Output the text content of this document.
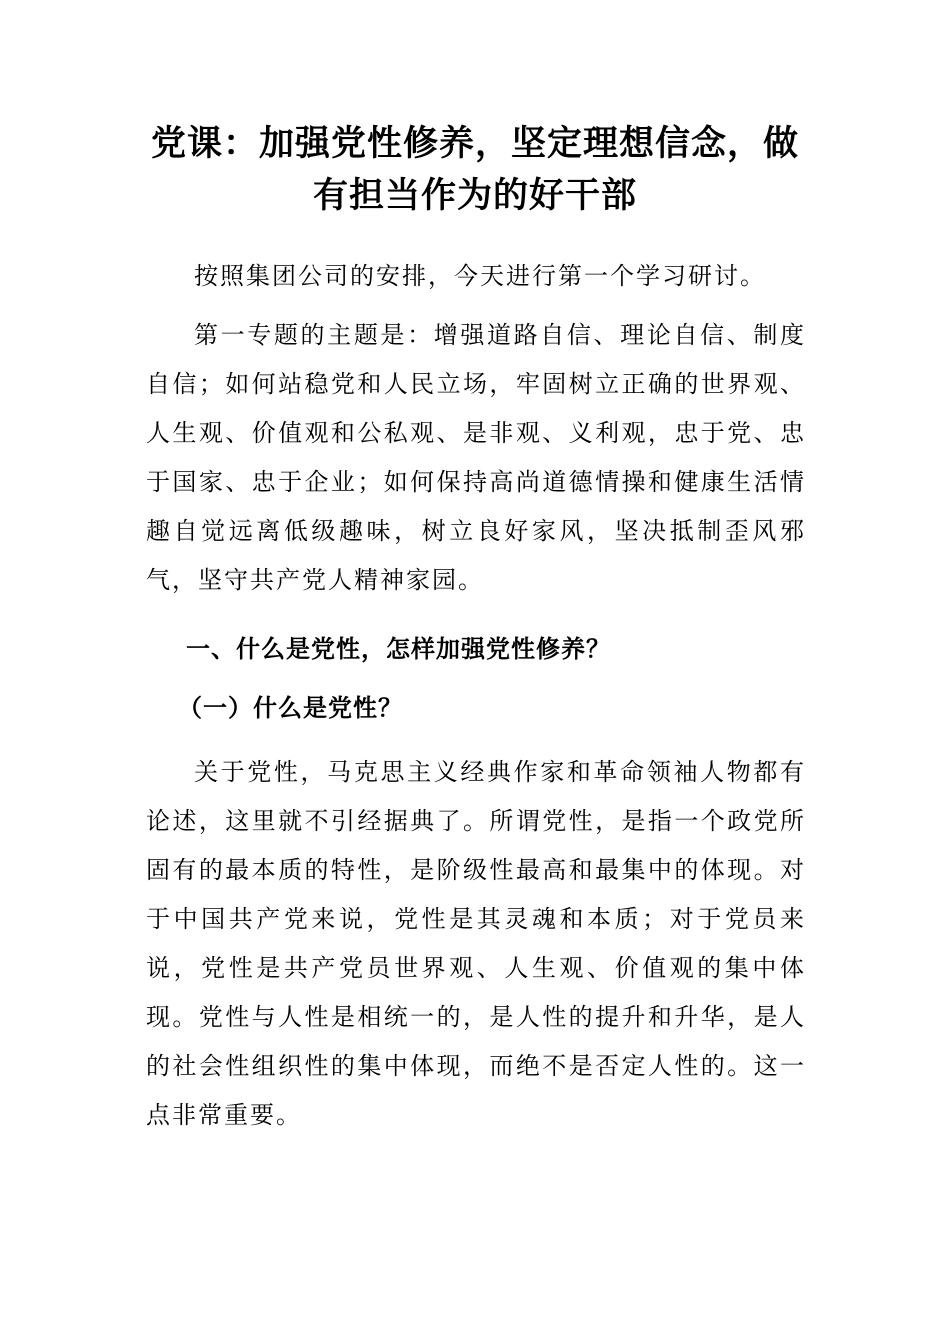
党课：加强党性修养，坚定理想信念，做
有担当作为的好干部

按照集团公司的安排，今天进行第一个学习研讨。

第一专题的主题是：增强道路自信、理论自信、制度自信；如何站稳党和人民立场，牢固树立正确的世界观、人生观、价值观和公私观、是非观、义利观，忠于党、忠于国家、忠于企业；如何保持高尚道德情操和健康生活情趣自觉远离低级趣味，树立良好家风，坚决抵制歪风邪气，坚守共产党人精神家园。

一、什么是党性，怎样加强党性修养？
（一）什么是党性？

关于党性，马克思主义经典作家和革命领袖人物都有论述，这里就不引经据典了。所谓党性，是指一个政党所固有的最本质的特性，是阶级性最高和最集中的体现。对于中国共产党来说，党性是其灵魂和本质；对于党员来说，党性是共产党员世界观、人生观、价值观的集中体现。党性与人性是相统一的，是人性的提升和升华，是人的社会性组织性的集中体现，而绝不是否定人性的。这一点非常重要。
